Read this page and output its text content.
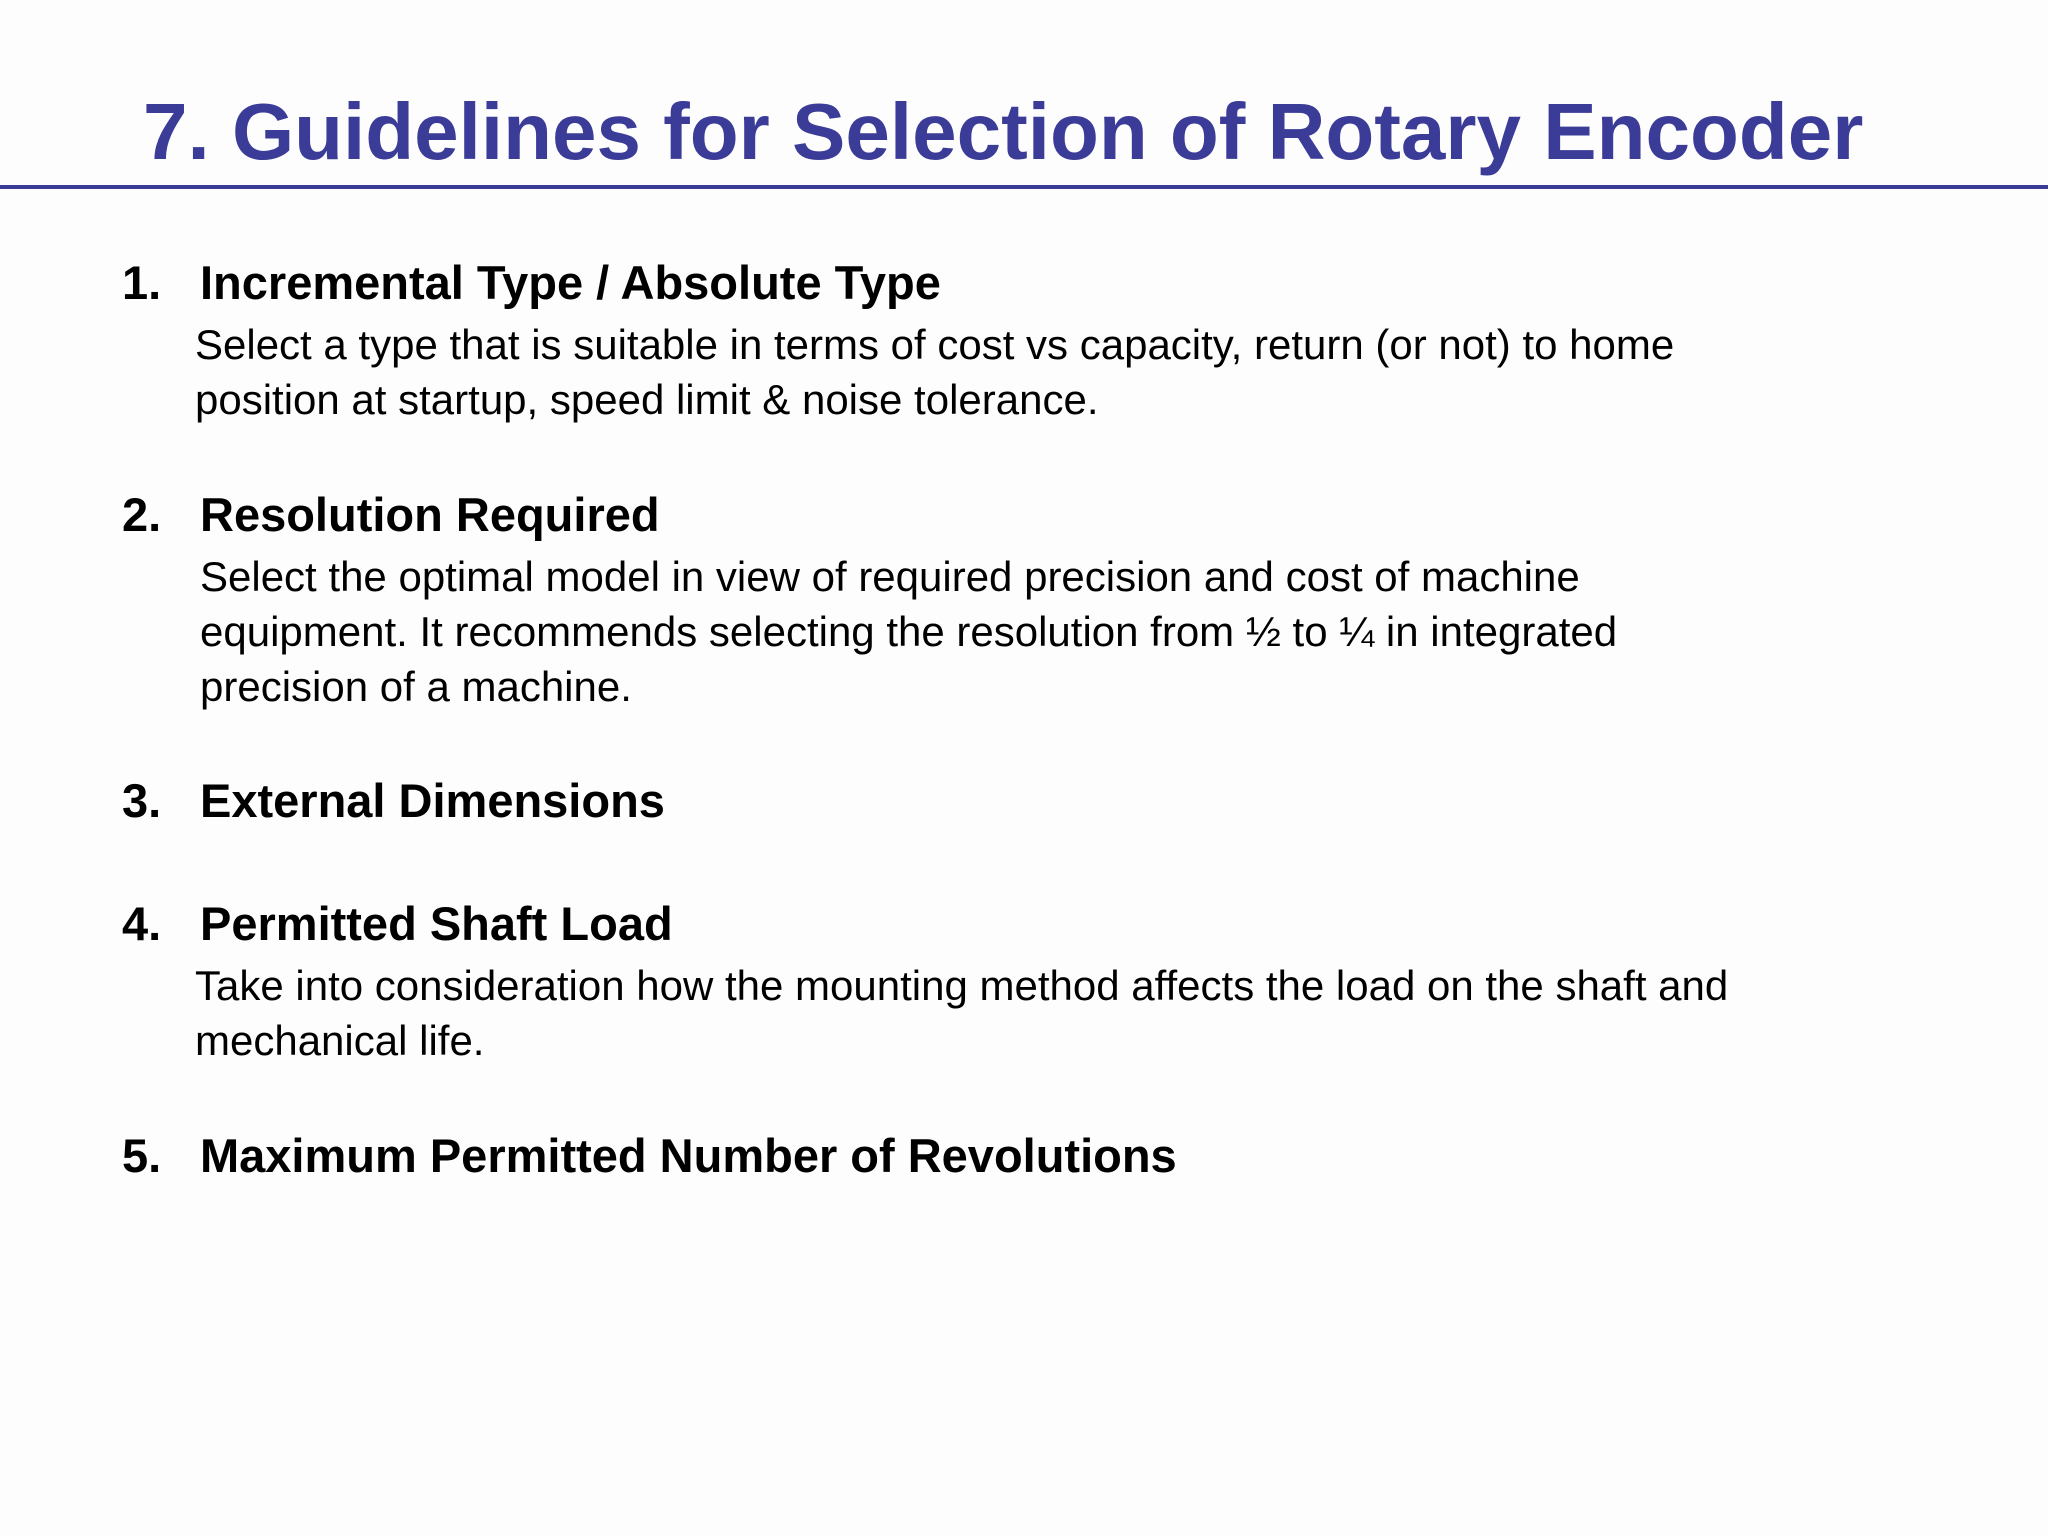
7. Guidelines for Selection of Rotary Encoder
1. Incremental Type / Absolute Type

Select a type that is suitable in terms of cost vs capacity, return (or not) to home
position at startup, speed limit & noise tolerance.

2. Resolution Required

Select the optimal model in view of required precision and cost of machine
equipment. It recommends selecting the resolution from ½ to ¼ in integrated
precision of a machine.

3. External Dimensions
4. Permitted Shaft Load

Take into consideration how the mounting method affects the load on the shaft and
mechanical life.

5. Maximum Permitted Number of Revolutions
